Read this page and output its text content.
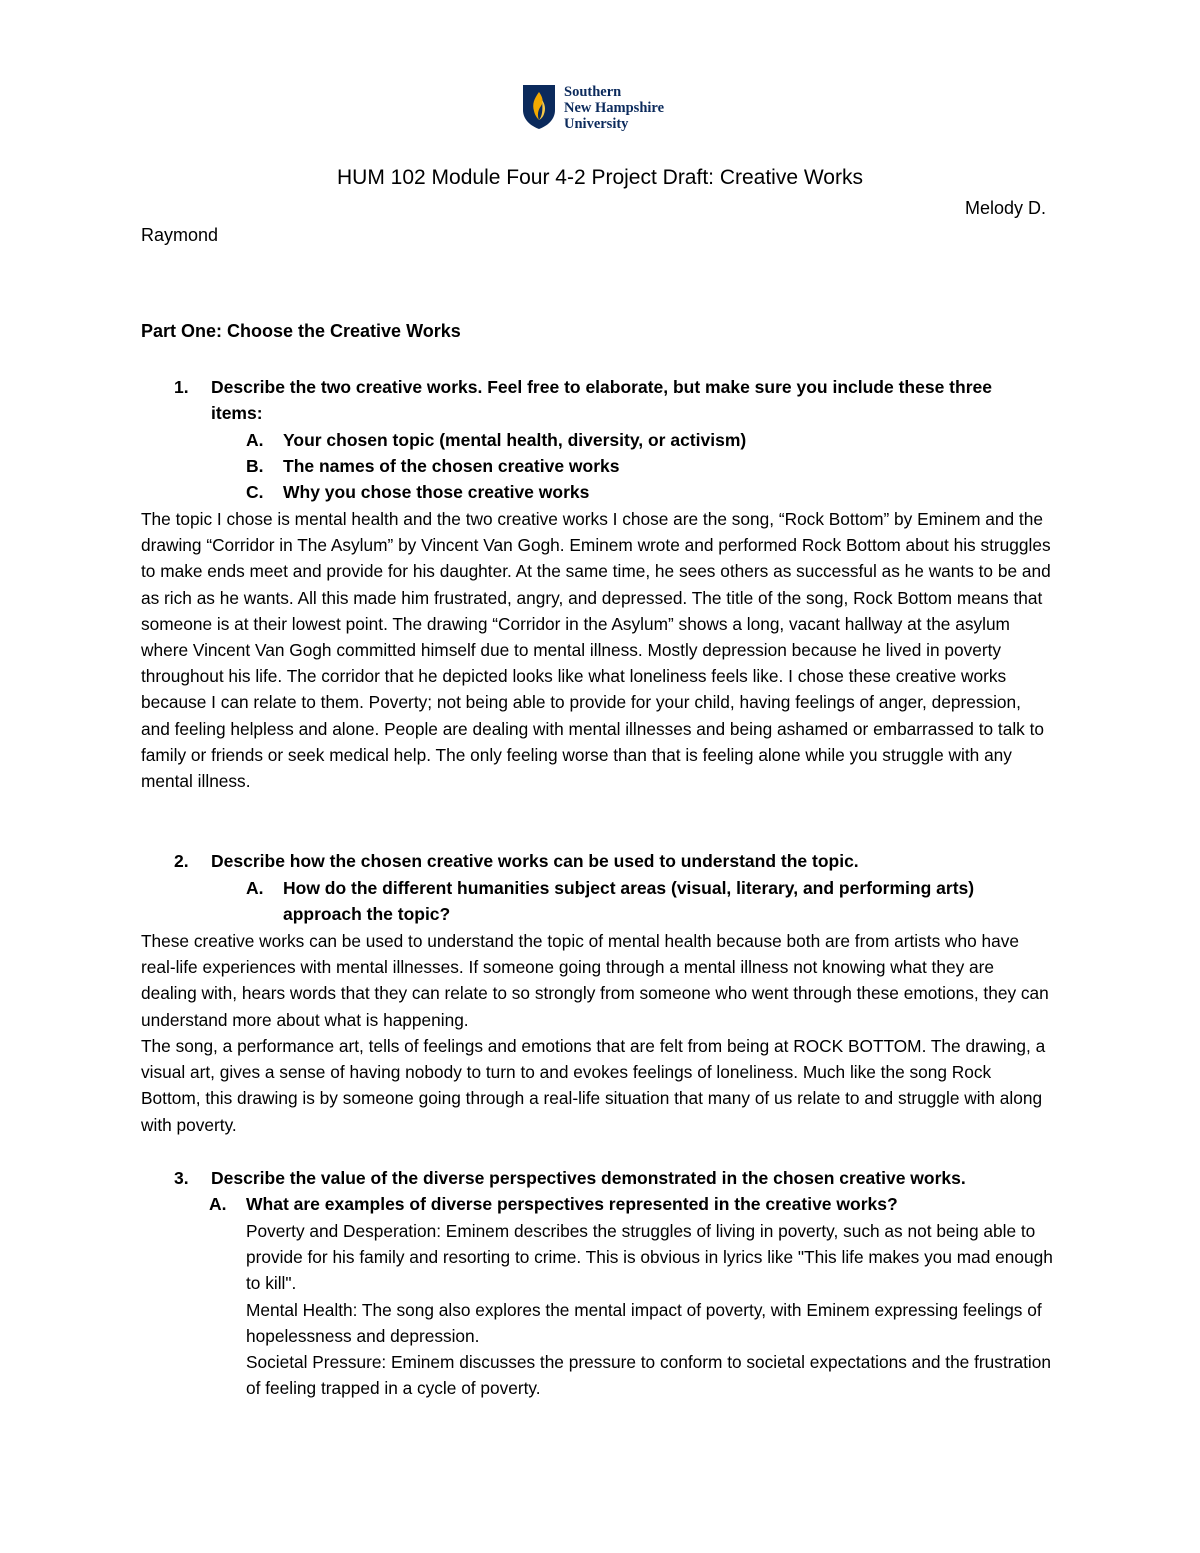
Southern
New Hampshire
University
HUM 102 Module Four 4-2 Project Draft: Creative Works
Melody D.
Raymond
Part One: Choose the Creative Works
1. Describe the two creative works. Feel free to elaborate, but make sure you include these three items:
A. Your chosen topic (mental health, diversity, or activism)
B. The names of the chosen creative works
C. Why you chose those creative works
The topic I chose is mental health and the two creative works I chose are the song, “Rock Bottom” by Eminem and the drawing “Corridor in The Asylum” by Vincent Van Gogh. Eminem wrote and performed Rock Bottom about his struggles to make ends meet and provide for his daughter. At the same time, he sees others as successful as he wants to be and as rich as he wants. All this made him frustrated, angry, and depressed. The title of the song, Rock Bottom means that someone is at their lowest point. The drawing “Corridor in the Asylum” shows a long, vacant hallway at the asylum where Vincent Van Gogh committed himself due to mental illness. Mostly depression because he lived in poverty throughout his life. The corridor that he depicted looks like what loneliness feels like. I chose these creative works because I can relate to them. Poverty; not being able to provide for your child, having feelings of anger, depression, and feeling helpless and alone. People are dealing with mental illnesses and being ashamed or embarrassed to talk to family or friends or seek medical help. The only feeling worse than that is feeling alone while you struggle with any mental illness.
2. Describe how the chosen creative works can be used to understand the topic.
A. How do the different humanities subject areas (visual, literary, and performing arts) approach the topic?
These creative works can be used to understand the topic of mental health because both are from artists who have real-life experiences with mental illnesses. If someone going through a mental illness not knowing what they are dealing with, hears words that they can relate to so strongly from someone who went through these emotions, they can understand more about what is happening.
The song, a performance art, tells of feelings and emotions that are felt from being at ROCK BOTTOM. The drawing, a visual art, gives a sense of having nobody to turn to and evokes feelings of loneliness. Much like the song Rock Bottom, this drawing is by someone going through a real-life situation that many of us relate to and struggle with along with poverty.
3. Describe the value of the diverse perspectives demonstrated in the chosen creative works.
A. What are examples of diverse perspectives represented in the creative works?

Poverty and Desperation: Eminem describes the struggles of living in poverty, such as not being able to provide for his family and resorting to crime. This is obvious in lyrics like "This life makes you mad enough to kill".

Mental Health: The song also explores the mental impact of poverty, with Eminem expressing feelings of hopelessness and depression.

Societal Pressure: Eminem discusses the pressure to conform to societal expectations and the frustration of feeling trapped in a cycle of poverty.
